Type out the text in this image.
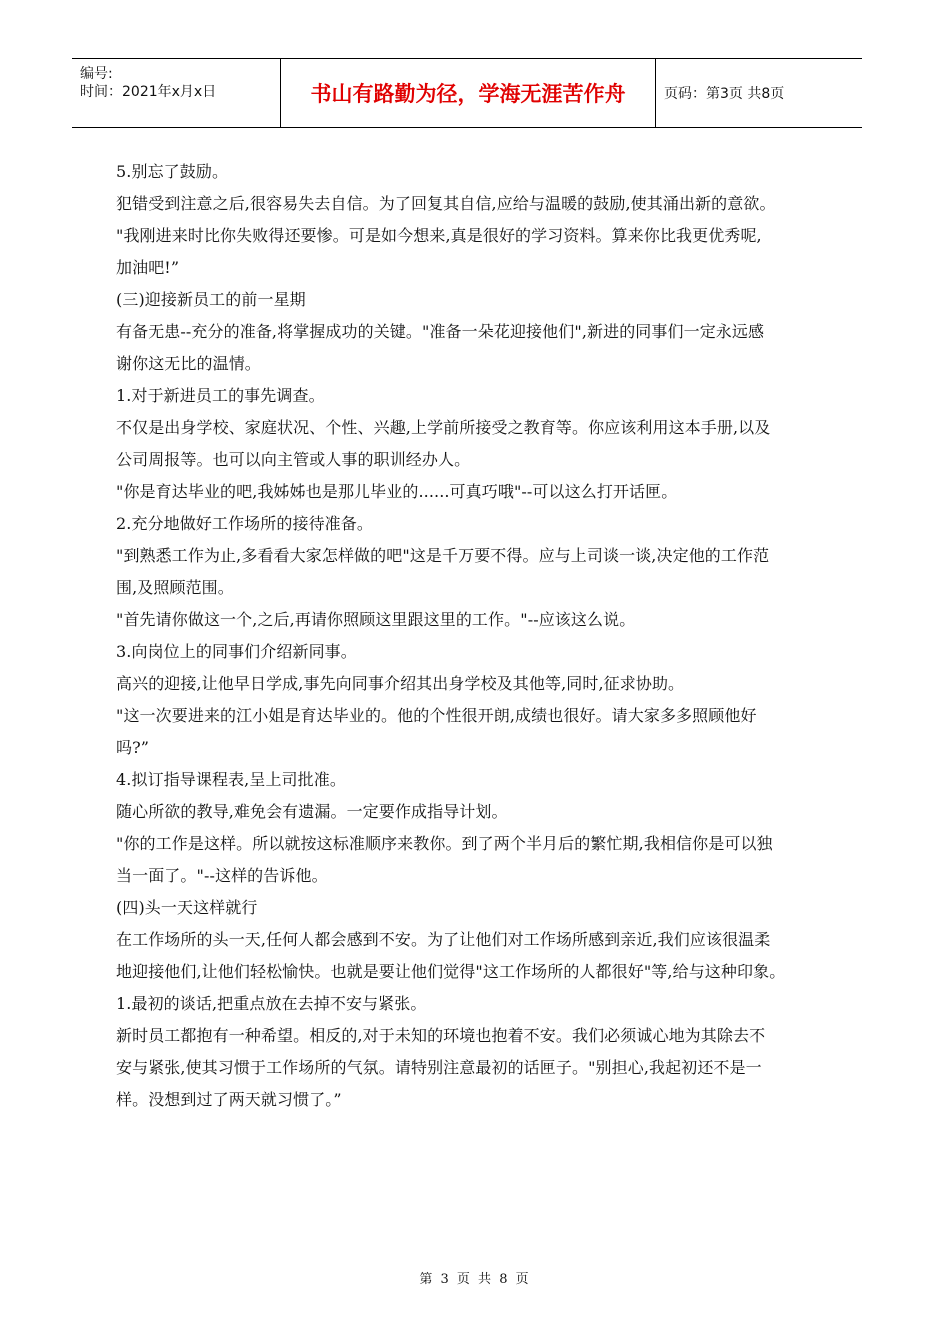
编号:
时间：2021年x月x日	书山有路勤为径，学海无涯苦作舟	页码：第3页 共8页
5.别忘了鼓励。
犯错受到注意之后,很容易失去自信。为了回复其自信,应给与温暖的鼓励,使其涌出新的意欲。
"我刚进来时比你失败得还要惨。可是如今想来,真是很好的学习资料。算来你比我更优秀呢,
加油吧!”
(三)迎接新员工的前一星期
有备无患--充分的准备,将掌握成功的关键。"准备一朵花迎接他们",新进的同事们一定永远感
谢你这无比的温情。
1.对于新进员工的事先调查。
不仅是出身学校、家庭状况、个性、兴趣,上学前所接受之教育等。你应该利用这本手册,以及
公司周报等。也可以向主管或人事的职训经办人。
"你是育达毕业的吧,我姊姊也是那儿毕业的......可真巧哦"--可以这么打开话匣。
2.充分地做好工作场所的接待准备。
"到熟悉工作为止,多看看大家怎样做的吧"这是千万要不得。应与上司谈一谈,决定他的工作范
围,及照顾范围。
"首先请你做这一个,之后,再请你照顾这里跟这里的工作。"--应该这么说。
3.向岗位上的同事们介绍新同事。
高兴的迎接,让他早日学成,事先向同事介绍其出身学校及其他等,同时,征求协助。
"这一次要进来的江小姐是育达毕业的。他的个性很开朗,成绩也很好。请大家多多照顾他好
吗?”
4.拟订指导课程表,呈上司批准。
随心所欲的教导,难免会有遗漏。一定要作成指导计划。
"你的工作是这样。所以就按这标准顺序来教你。到了两个半月后的繁忙期,我相信你是可以独
当一面了。"--这样的告诉他。
(四)头一天这样就行
在工作场所的头一天,任何人都会感到不安。为了让他们对工作场所感到亲近,我们应该很温柔
地迎接他们,让他们轻松愉快。也就是要让他们觉得"这工作场所的人都很好"等,给与这种印象。
1.最初的谈话,把重点放在去掉不安与紧张。
新时员工都抱有一种希望。相反的,对于未知的环境也抱着不安。我们必须诚心地为其除去不
安与紧张,使其习惯于工作场所的气氛。请特别注意最初的话匣子。"别担心,我起初还不是一
样。没想到过了两天就习惯了。”
第 3 页 共 8 页
